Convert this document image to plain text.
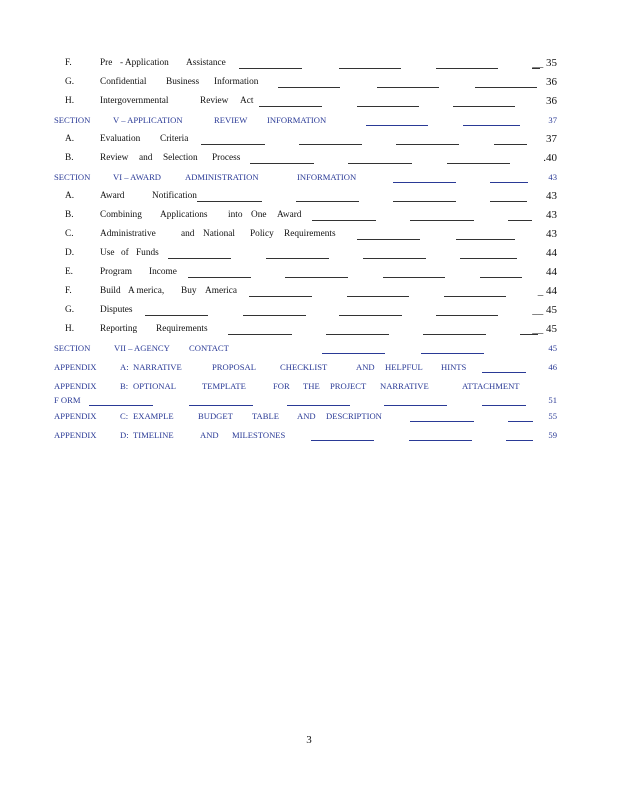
F.	Pre - Application Assistance	__ 35
G.	Confidential Business Information	36
H.	Intergovernmental	Review Act	36
SECTION	V – APPLICATION	REVIEW INFORMATION	37
A.	Evaluation Criteria	37
B.	Review and Selection Process	.40
SECTION	VI – AWARD	ADMINISTRATION	INFORMATION	43
A.	Award	Notification	43
B.	Combining Applications into One Award	43
C.	Administrative	and National Policy Requirements	43
D.	Use of Funds	44
E.	Program Income	44
F.	Build A merica, Buy America	_ 44
G.	Disputes	__ 45
H.	Reporting Requirements	__ 45
SECTION	VII – AGENCY CONTACT	45
APPENDIX	A: NARRATIVE	PROPOSAL	CHECKLIST	AND HELPFUL HINTS	46
APPENDIX	B: OPTIONAL	TEMPLATE	FOR THE PROJECT NARRATIVE	ATTACHMENT
F ORM	51
APPENDIX	C: EXAMPLE	BUDGET TABLE AND DESCRIPTION	55
APPENDIX	D: TIMELINE	AND MILESTONES	59
3
